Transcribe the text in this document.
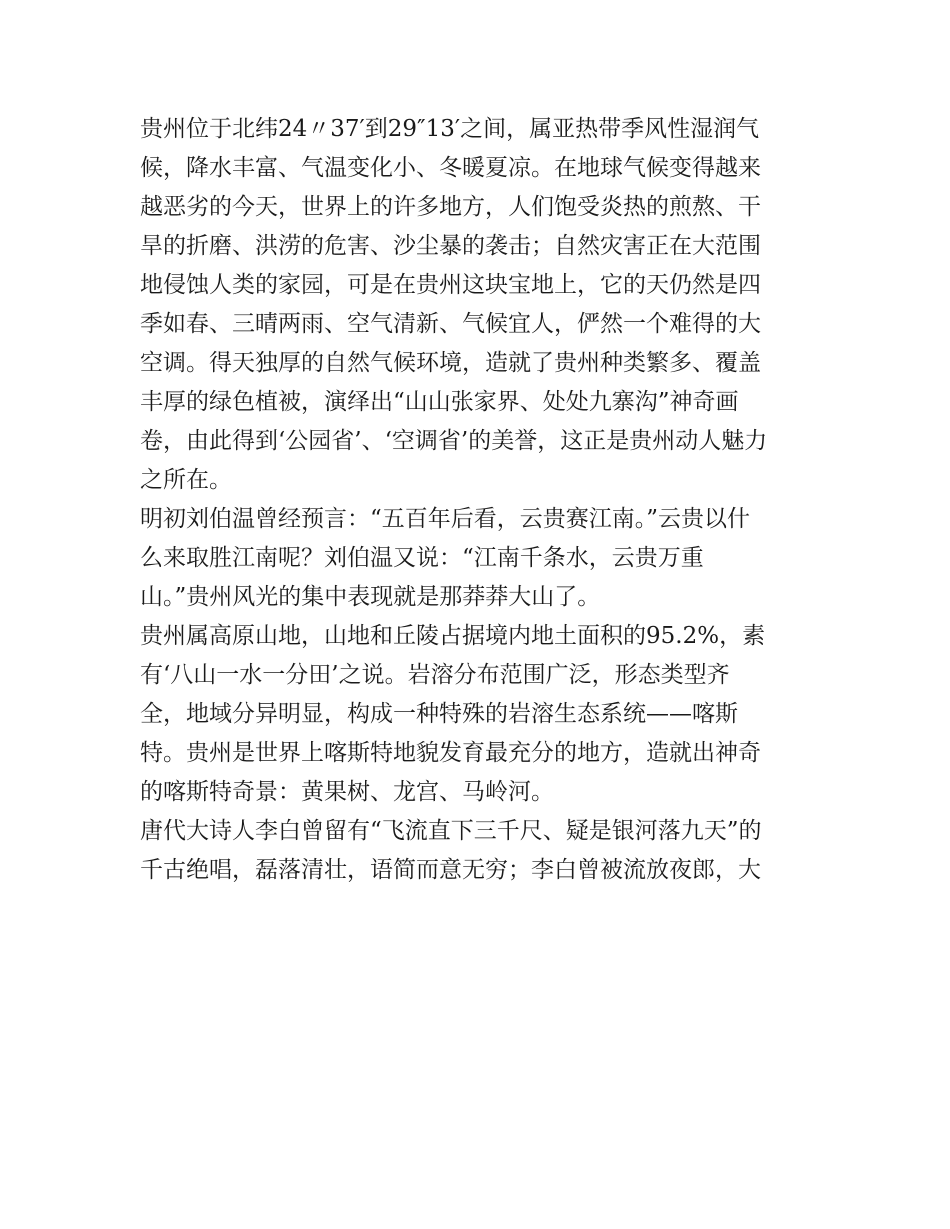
贵州位于北纬24〃37′到29″13′之间，属亚热带季风性湿润气

候，降水丰富、气温变化小、冬暖夏凉。在地球气候变得越来

越恶劣的今天，世界上的许多地方，人们饱受炎热的煎熬、干

旱的折磨、洪涝的危害、沙尘暴的袭击；自然灾害正在大范围

地侵蚀人类的家园，可是在贵州这块宝地上，它的天仍然是四

季如春、三晴两雨、空气清新、气候宜人，俨然一个难得的大

空调。得天独厚的自然气候环境，造就了贵州种类繁多、覆盖

丰厚的绿色植被，演绎出“山山张家界、处处九寨沟”神奇画

卷，由此得到‘公园省’、‘空调省’的美誉，这正是贵州动人魅力

之所在。

明初刘伯温曾经预言：“五百年后看，云贵赛江南。”云贵以什

么来取胜江南呢？刘伯温又说：“江南千条水，云贵万重

山。”贵州风光的集中表现就是那莽莽大山了。

贵州属高原山地，山地和丘陵占据境内地土面积的95.2%，素

有‘八山一水一分田’之说。岩溶分布范围广泛，形态类型齐

全，地域分异明显，构成一种特殊的岩溶生态系统——喀斯

特。贵州是世界上喀斯特地貌发育最充分的地方，造就出神奇

的喀斯特奇景：黄果树、龙宫、马岭河。

唐代大诗人李白曾留有“飞流直下三千尺、疑是银河落九天”的

千古绝唱，磊落清壮，语简而意无穷；李白曾被流放夜郎，大
